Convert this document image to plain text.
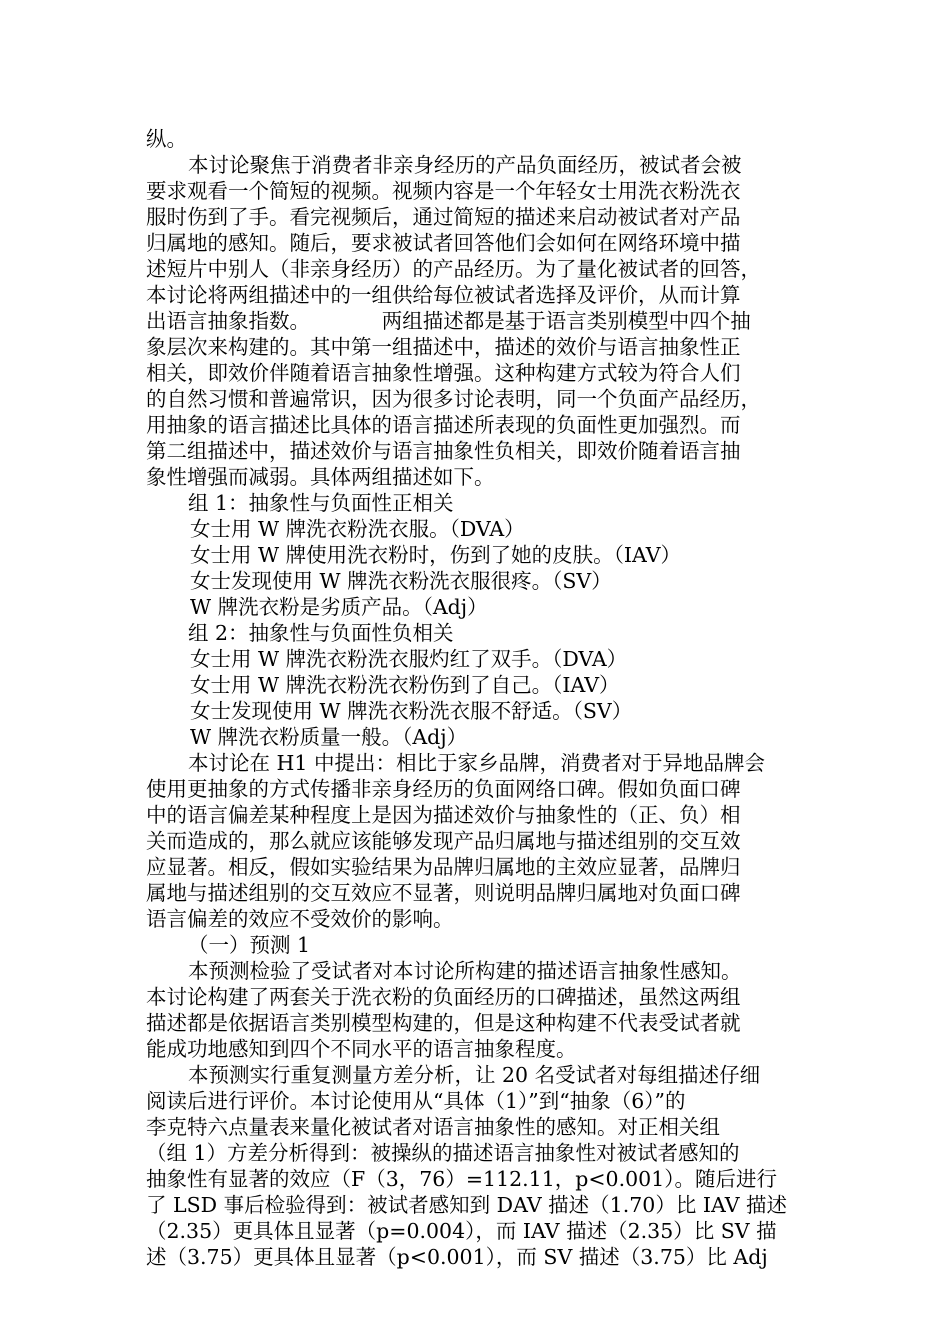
纵。

本讨论聚焦于消费者非亲身经历的产品负面经历，被试者会被

要求观看一个简短的视频。视频内容是一个年轻女士用洗衣粉洗衣

服时伤到了手。看完视频后，通过简短的描述来启动被试者对产品

归属地的感知。随后，要求被试者回答他们会如何在网络环境中描

述短片中别人（非亲身经历）的产品经历。为了量化被试者的回答，

本讨论将两组描述中的一组供给每位被试者选择及评价，从而计算

出语言抽象指数。　　　　两组描述都是基于语言类别模型中四个抽

象层次来构建的。其中第一组描述中，描述的效价与语言抽象性正

相关，即效价伴随着语言抽象性增强。这种构建方式较为符合人们

的自然习惯和普遍常识，因为很多讨论表明，同一个负面产品经历，

用抽象的语言描述比具体的语言描述所表现的负面性更加强烈。而

第二组描述中，描述效价与语言抽象性负相关，即效价随着语言抽

象性增强而减弱。具体两组描述如下。

组 1：抽象性与负面性正相关

女士用 W 牌洗衣粉洗衣服。（DVA）

女士用 W 牌使用洗衣粉时，伤到了她的皮肤。（IAV）

女士发现使用 W 牌洗衣粉洗衣服很疼。（SV）

W 牌洗衣粉是劣质产品。（Adj）

组 2：抽象性与负面性负相关

女士用 W 牌洗衣粉洗衣服灼红了双手。（DVA）

女士用 W 牌洗衣粉洗衣粉伤到了自己。（IAV）

女士发现使用 W 牌洗衣粉洗衣服不舒适。（SV）

W 牌洗衣粉质量一般。（Adj）

本讨论在 H1 中提出：相比于家乡品牌，消费者对于异地品牌会

使用更抽象的方式传播非亲身经历的负面网络口碑。假如负面口碑

中的语言偏差某种程度上是因为描述效价与抽象性的（正、负）相

关而造成的，那么就应该能够发现产品归属地与描述组别的交互效

应显著。相反，假如实验结果为品牌归属地的主效应显著，品牌归

属地与描述组别的交互效应不显著，则说明品牌归属地对负面口碑

语言偏差的效应不受效价的影响。

（一）预测 1

本预测检验了受试者对本讨论所构建的描述语言抽象性感知。

本讨论构建了两套关于洗衣粉的负面经历的口碑描述，虽然这两组

描述都是依据语言类别模型构建的，但是这种构建不代表受试者就

能成功地感知到四个不同水平的语言抽象程度。

本预测实行重复测量方差分析，让 20 名受试者对每组描述仔细

阅读后进行评价。本讨论使用从“具体（1）”到“抽象（6）”的

李克特六点量表来量化被试者对语言抽象性的感知。对正相关组

（组 1）方差分析得到：被操纵的描述语言抽象性对被试者感知的

抽象性有显著的效应（F（3，76）=112.11，p<0.001）。随后进行

了 LSD 事后检验得到：被试者感知到 DAV 描述（1.70）比 IAV 描述

（2.35）更具体且显著（p=0.004），而 IAV 描述（2.35）比 SV 描

述（3.75）更具体且显著（p<0.001），而 SV 描述（3.75）比 Adj
